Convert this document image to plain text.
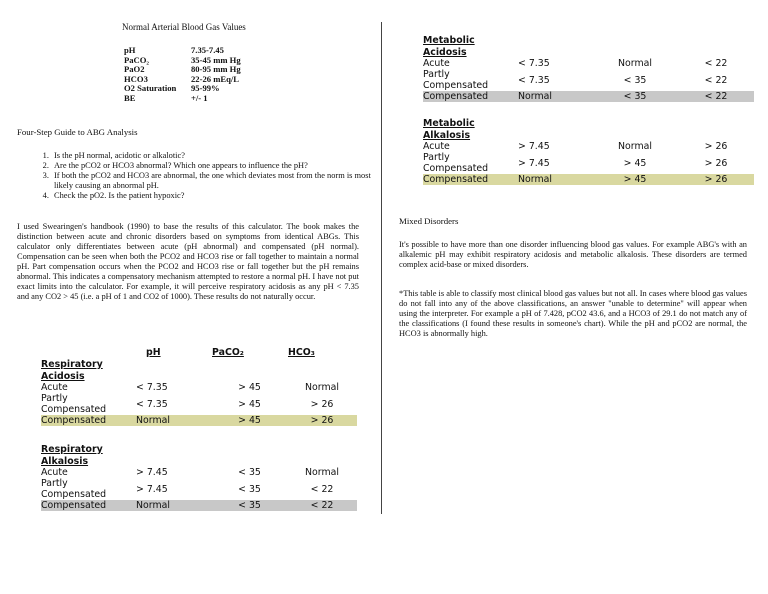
Normal Arterial Blood Gas Values
pH	7.35-7.45
PaCO₂	35-45 mm Hg
PaO2	80-95 mm Hg
HCO3	22-26 mEq/L
O2 Saturation	95-99%
BE	+/- 1
Four-Step Guide to ABG Analysis
1. Is the pH normal, acidotic or alkalotic?
2. Are the pCO2 or HCO3 abnormal? Which one appears to influence the pH?
3. If both the pCO2 and HCO3 are abnormal, the one which deviates most from the norm is most likely causing an abnormal pH.
4. Check the pO2. Is the patient hypoxic?

I used Swearingen's handbook (1990) to base the results of this calculator. The book makes the distinction between acute and chronic disorders based on symptoms from identical ABGs. This calculator only differentiates between acute (pH abnormal) and compensated (pH normal). Compensation can be seen when both the PCO2 and HCO3 rise or fall together to maintain a normal pH. Part compensation occurs when the PCO2 and HCO3 rise or fall together but the pH remains abnormal. This indicates a compensatory mechanism attempted to restore a normal pH. I have not put exact limits into the calculator. For example, it will perceive respiratory acidosis as any pH < 7.35 and any CO2 > 45 (i.e. a pH of 1 and CO2 of 1000). These results do not naturally occur.

pH	PaCO₂	HCO₃
Respiratory
Acidosis
Acute	< 7.35	> 45	Normal
Partly
Compensated	< 7.35	> 45	> 26
Compensated	Normal	> 45	> 26
Respiratory
Alkalosis
Acute	> 7.45	< 35	Normal
Partly
Compensated	> 7.45	< 35	< 22
Compensated	Normal	< 35	< 22
Metabolic
Acidosis
Acute	< 7.35	Normal	< 22
Partly
Compensated	< 7.35	< 35	< 22
Compensated	Normal	< 35	< 22
Metabolic
Alkalosis
Acute	> 7.45	Normal	> 26
Partly
Compensated	> 7.45	> 45	> 26
Compensated	Normal	> 45	> 26
Mixed Disorders

It's possible to have more than one disorder influencing blood gas values. For example ABG's with an alkalemic pH may exhibit respiratory acidosis and metabolic alkalosis. These disorders are termed complex acid-base or mixed disorders.

*This table is able to classify most clinical blood gas values but not all. In cases where blood gas values do not fall into any of the above classifications, an answer "unable to determine" will appear when using the interpreter. For example a pH of 7.428, pCO2 43.6, and a HCO3 of 29.1 do not match any of the classifications (I found these results in someone's chart). While the pH and pCO2 are normal, the HCO3 is abnormally high.
